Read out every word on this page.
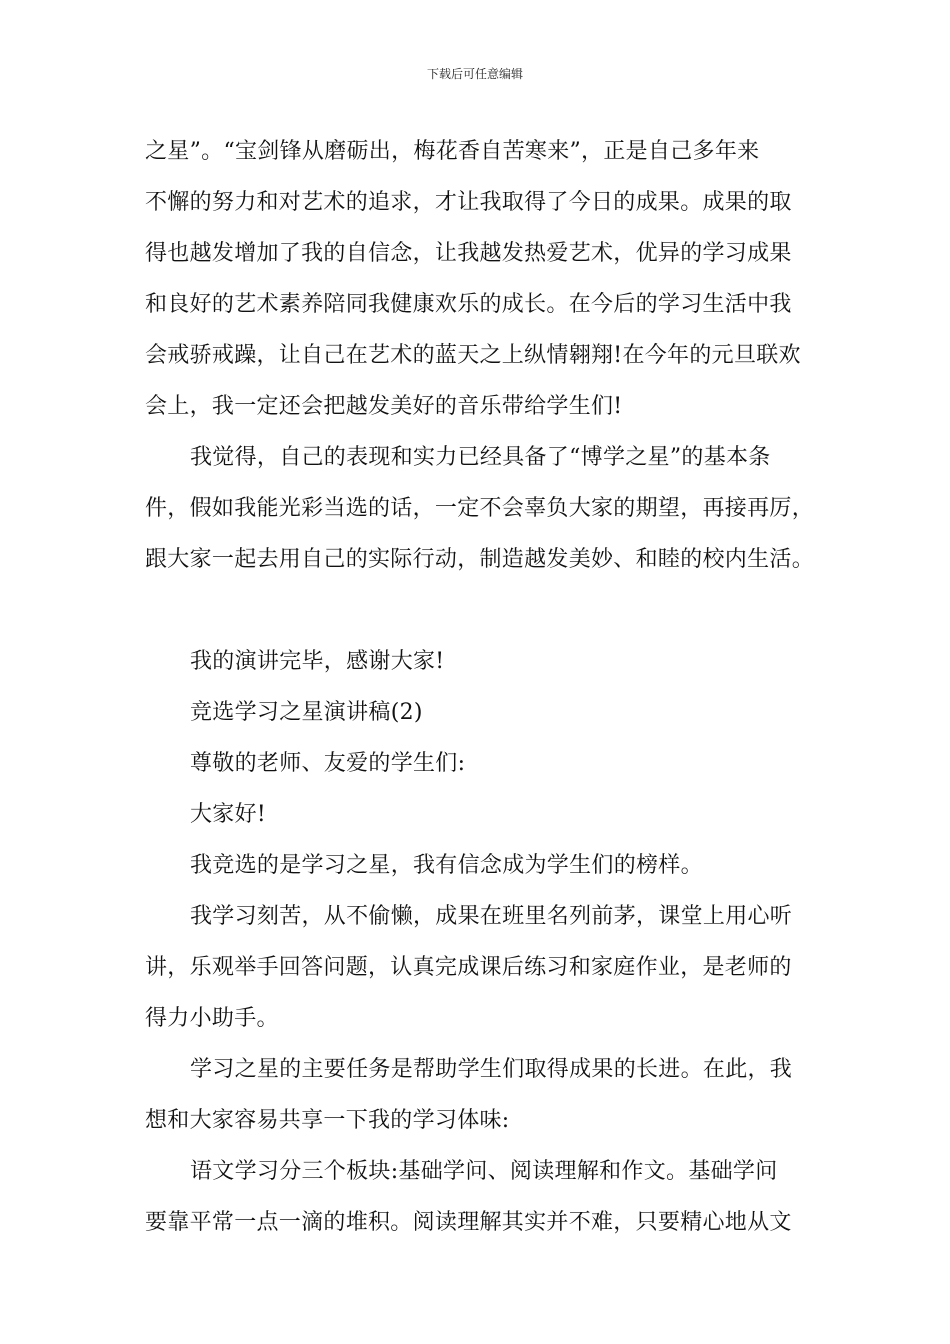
下载后可任意编辑
之星”。“宝剑锋从磨砺出，梅花香自苦寒来”，正是自己多年来
不懈的努力和对艺术的追求，才让我取得了今日的成果。成果的取
得也越发增加了我的自信念，让我越发热爱艺术，优异的学习成果
和良好的艺术素养陪同我健康欢乐的成长。在今后的学习生活中我
会戒骄戒躁，让自己在艺术的蓝天之上纵情翱翔!在今年的元旦联欢
会上，我一定还会把越发美好的音乐带给学生们!
我觉得，自己的表现和实力已经具备了“博学之星”的基本条
件，假如我能光彩当选的话，一定不会辜负大家的期望，再接再厉，
跟大家一起去用自己的实际行动，制造越发美妙、和睦的校内生活。
我的演讲完毕，感谢大家!
竞选学习之星演讲稿(2)
尊敬的老师、友爱的学生们:
大家好!
我竞选的是学习之星，我有信念成为学生们的榜样。
我学习刻苦，从不偷懒，成果在班里名列前茅，课堂上用心听
讲，乐观举手回答问题，认真完成课后练习和家庭作业，是老师的
得力小助手。
学习之星的主要任务是帮助学生们取得成果的长进。在此，我
想和大家容易共享一下我的学习体味:
语文学习分三个板块:基础学问、阅读理解和作文。基础学问
要靠平常一点一滴的堆积。阅读理解其实并不难，只要精心地从文
